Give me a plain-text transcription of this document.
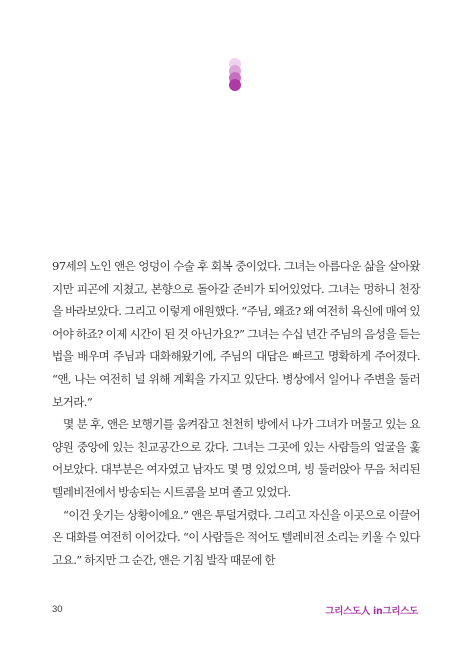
97세의 노인 앤은 엉덩이 수술 후 회복 중이었다. 그녀는 아름다운 삶을 살아왔지만 피곤에 지쳤고, 본향으로 돌아갈 준비가 되어있었다. 그녀는 멍하니 천장을 바라보았다. 그리고 이렇게 애원했다. “주님, 왜죠? 왜 여전히 육신에 매여 있어야 하죠? 이제 시간이 된 것 아닌가요?” 그녀는 수십 년간 주님의 음성을 듣는 법을 배우며 주님과 대화해왔기에, 주님의 대답은 빠르고 명확하게 주어졌다. “앤, 나는 여전히 널 위해 계획을 가지고 있단다. 병상에서 일어나 주변을 둘러보거라.”

몇 분 후, 앤은 보행기를 움켜잡고 천천히 방에서 나가 그녀가 머물고 있는 요양원 중앙에 있는 친교공간으로 갔다. 그녀는 그곳에 있는 사람들의 얼굴을 훑어보았다. 대부분은 여자였고 남자도 몇 명 있었으며, 빙 둘러앉아 무음 처리된 텔레비전에서 방송되는 시트콤을 보며 졸고 있었다.

“이건 웃기는 상황이에요.” 앤은 투덜거렸다. 그리고 자신을 이곳으로 이끌어온 대화를 여전히 이어갔다. “이 사람들은 적어도 텔레비전 소리는 키울 수 있다고요.” 하지만 그 순간, 앤은 기침 발작 때문에 한

30	그리스도人 in그리스도
